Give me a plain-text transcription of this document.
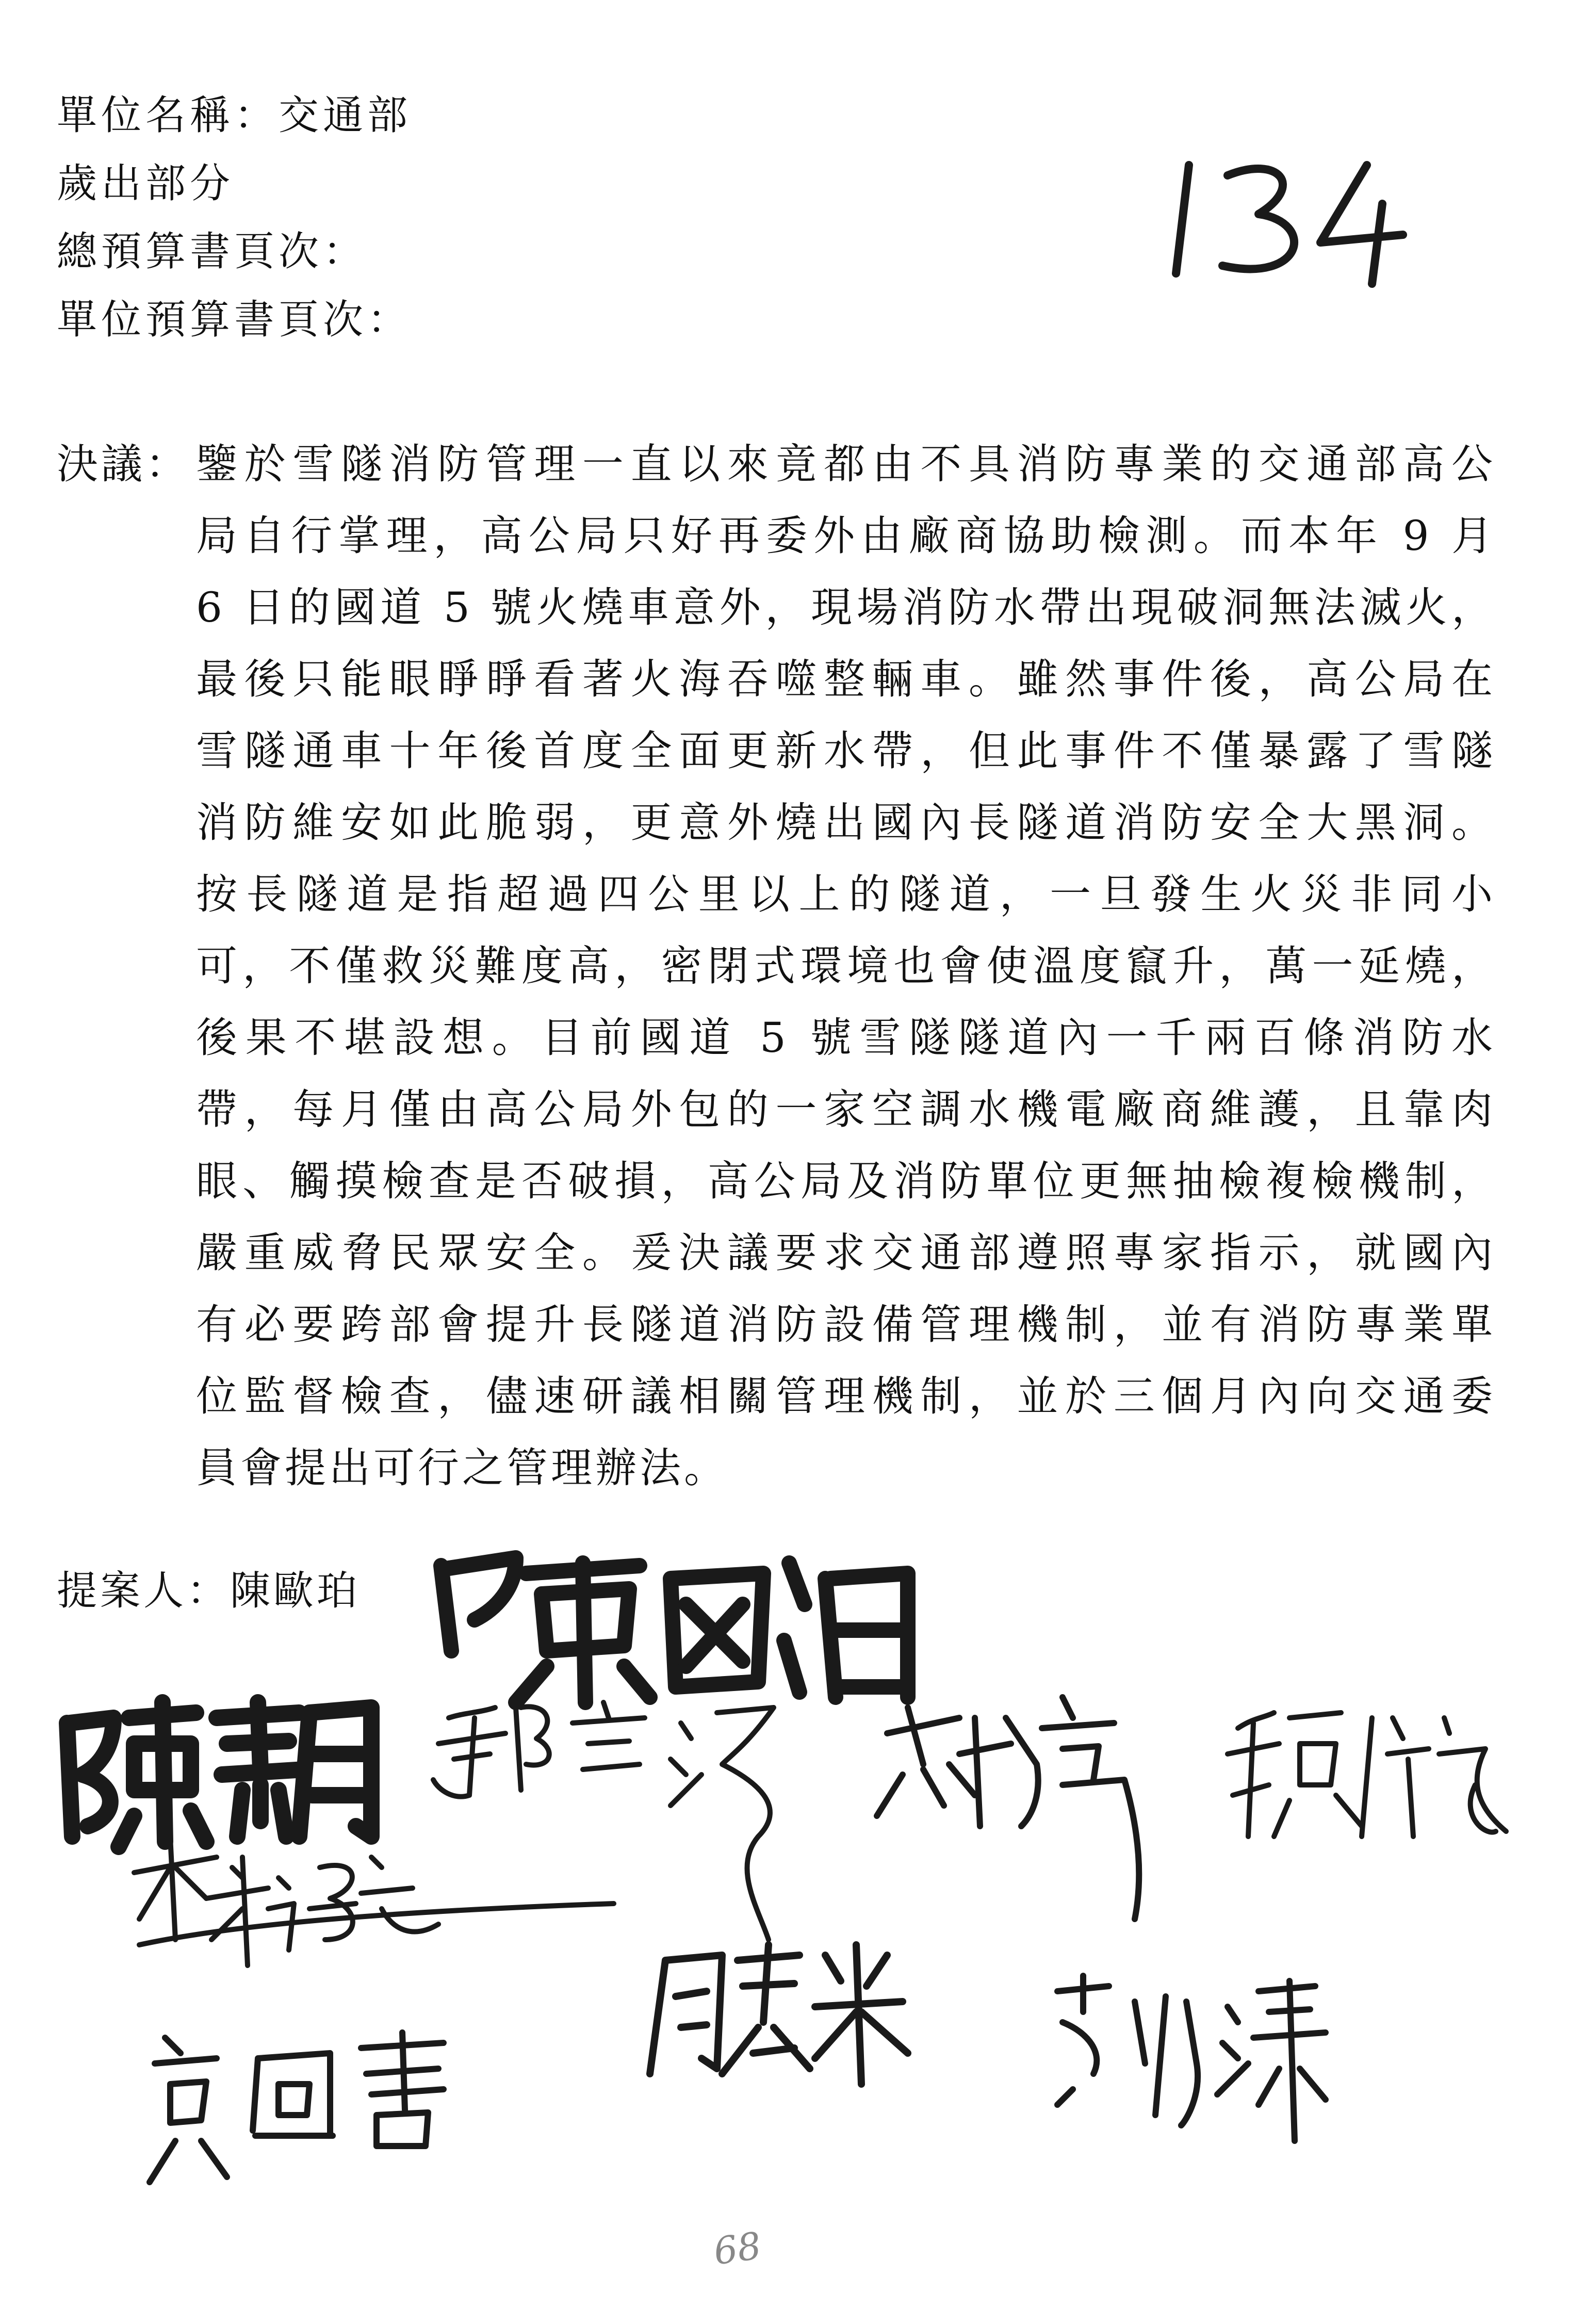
單位名稱：交通部
歲出部分
總預算書頁次：
單位預算書頁次：
決議： 鑒於雪隧消防管理一直以來竟都由不具消防專業的交通部高公
局自行掌理，高公局只好再委外由廠商協助檢測。而本年 9 月
6 日的國道 5 號火燒車意外，現場消防水帶出現破洞無法滅火，
最後只能眼睜睜看著火海吞噬整輛車。雖然事件後，高公局在
雪隧通車十年後首度全面更新水帶，但此事件不僅暴露了雪隧
消防維安如此脆弱，更意外燒出國內長隧道消防安全大黑洞。
按長隧道是指超過四公里以上的隧道，一旦發生火災非同小
可，不僅救災難度高，密閉式環境也會使溫度竄升，萬一延燒，
後果不堪設想。目前國道 5 號雪隧隧道內一千兩百條消防水
帶，每月僅由高公局外包的一家空調水機電廠商維護，且靠肉
眼、觸摸檢查是否破損，高公局及消防單位更無抽檢複檢機制，
嚴重威脅民眾安全。爰決議要求交通部遵照專家指示，就國內
有必要跨部會提升長隧道消防設備管理機制，並有消防專業單
位監督檢查，儘速研議相關管理機制，並於三個月內向交通委
員會提出可行之管理辦法。
提案人：陳歐珀
68
